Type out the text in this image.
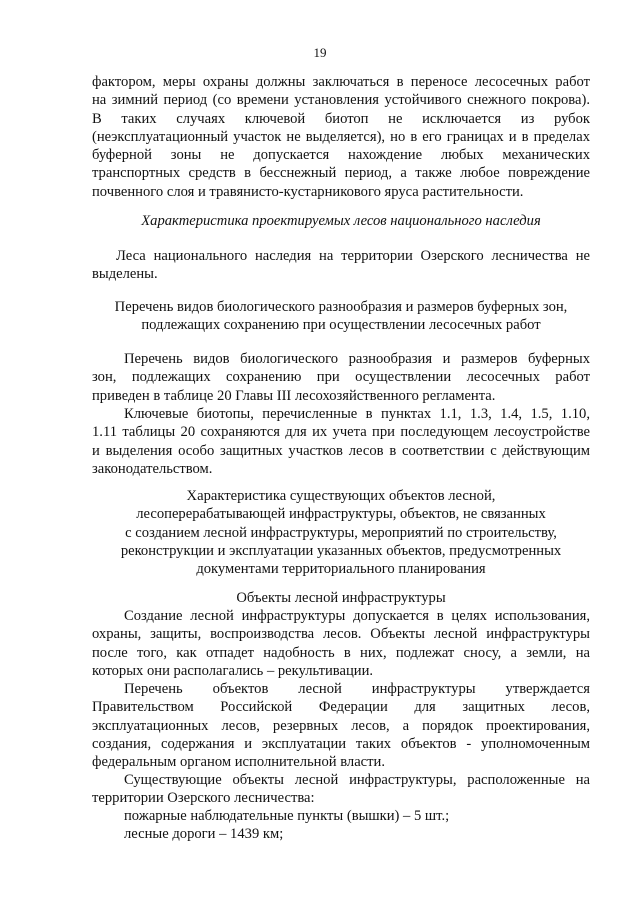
19
фактором, меры охраны должны заключаться в переносе лесосечных работ
на зимний период (со времени установления устойчивого снежного покрова).
В таких случаях ключевой биотоп не исключается из рубок
(неэксплуатационный участок не выделяется), но в его границах и в пределах
буферной зоны не допускается нахождение любых механических
транспортных средств в бесснежный период, а также любое повреждение
почвенного слоя и травянисто-кустарникового яруса растительности.
Характеристика проектируемых лесов национального наследия
Леса национального наследия на территории Озерского лесничества не
выделены.
Перечень видов биологического разнообразия и размеров буферных зон,
подлежащих сохранению при осуществлении лесосечных работ
Перечень видов биологического разнообразия и размеров буферных
зон, подлежащих сохранению при осуществлении лесосечных работ
приведен в таблице 20 Главы III лесохозяйственного регламента.
Ключевые биотопы, перечисленные в пунктах 1.1, 1.3, 1.4, 1.5, 1.10,
1.11 таблицы 20 сохраняются для их учета при последующем лесоустройстве
и выделения особо защитных участков лесов в соответствии с действующим
законодательством.
Характеристика существующих объектов лесной,
лесоперерабатывающей инфраструктуры, объектов, не связанных
с созданием лесной инфраструктуры, мероприятий по строительству,
реконструкции и эксплуатации указанных объектов, предусмотренных
документами территориального планирования
Объекты лесной инфраструктуры
Создание лесной инфраструктуры допускается в целях использования,
охраны, защиты, воспроизводства лесов. Объекты лесной инфраструктуры
после того, как отпадет надобность в них, подлежат сносу, а земли, на
которых они располагались – рекультивации.
Перечень объектов лесной инфраструктуры утверждается
Правительством Российской Федерации для защитных лесов,
эксплуатационных лесов, резервных лесов, а порядок проектирования,
создания, содержания и эксплуатации таких объектов - уполномоченным
федеральным органом исполнительной власти.
Существующие объекты лесной инфраструктуры, расположенные на
территории Озерского лесничества:
пожарные наблюдательные пункты (вышки) – 5 шт.;
лесные дороги – 1439 км;
